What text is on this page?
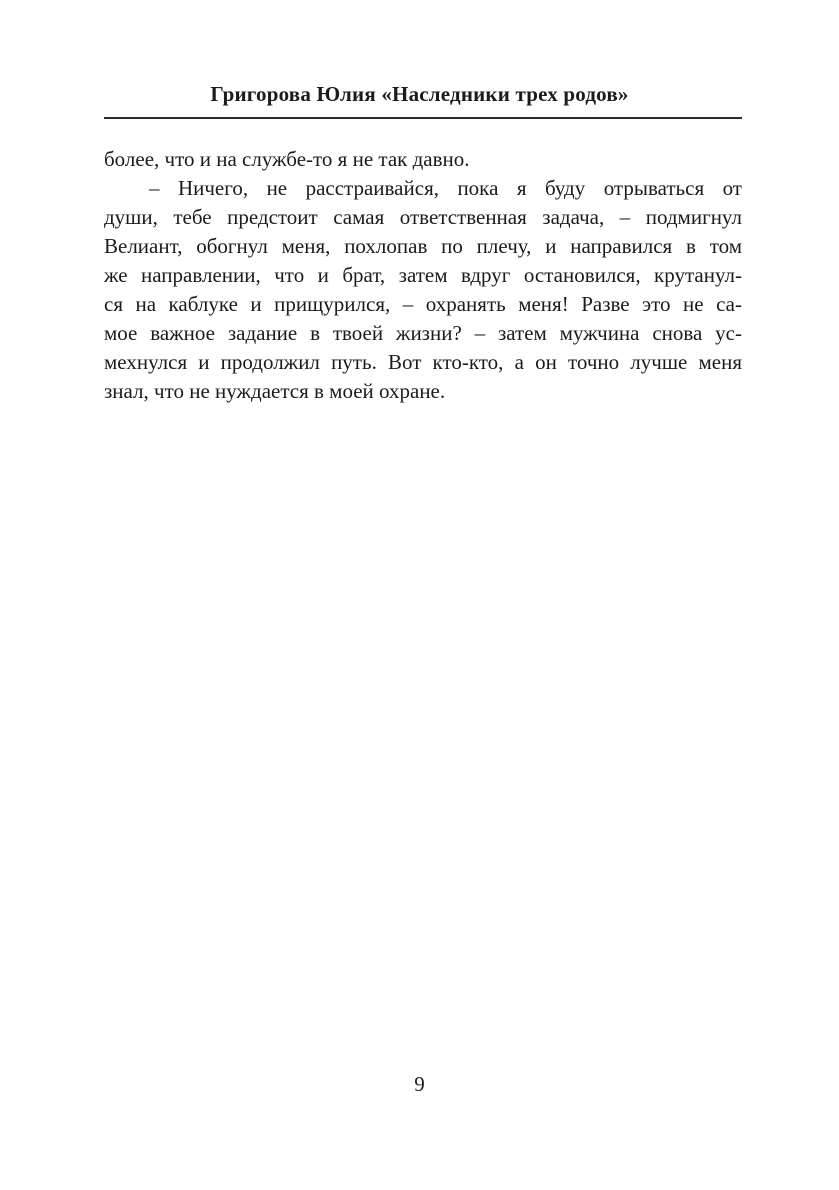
Григорова Юлия «Наследники трех родов»
более, что и на службе-то я не так давно.
– Ничего, не расстраивайся, пока я буду отрываться от
души, тебе предстоит самая ответственная задача, – подмигнул
Велиант, обогнул меня, похлопав по плечу, и направился в том
же направлении, что и брат, затем вдруг остановился, крутанул-
ся на каблуке и прищурился, – охранять меня! Разве это не са-
мое важное задание в твоей жизни? – затем мужчина снова ус-
мехнулся и продолжил путь. Вот кто-кто, а он точно лучше меня
знал, что не нуждается в моей охране.
9
